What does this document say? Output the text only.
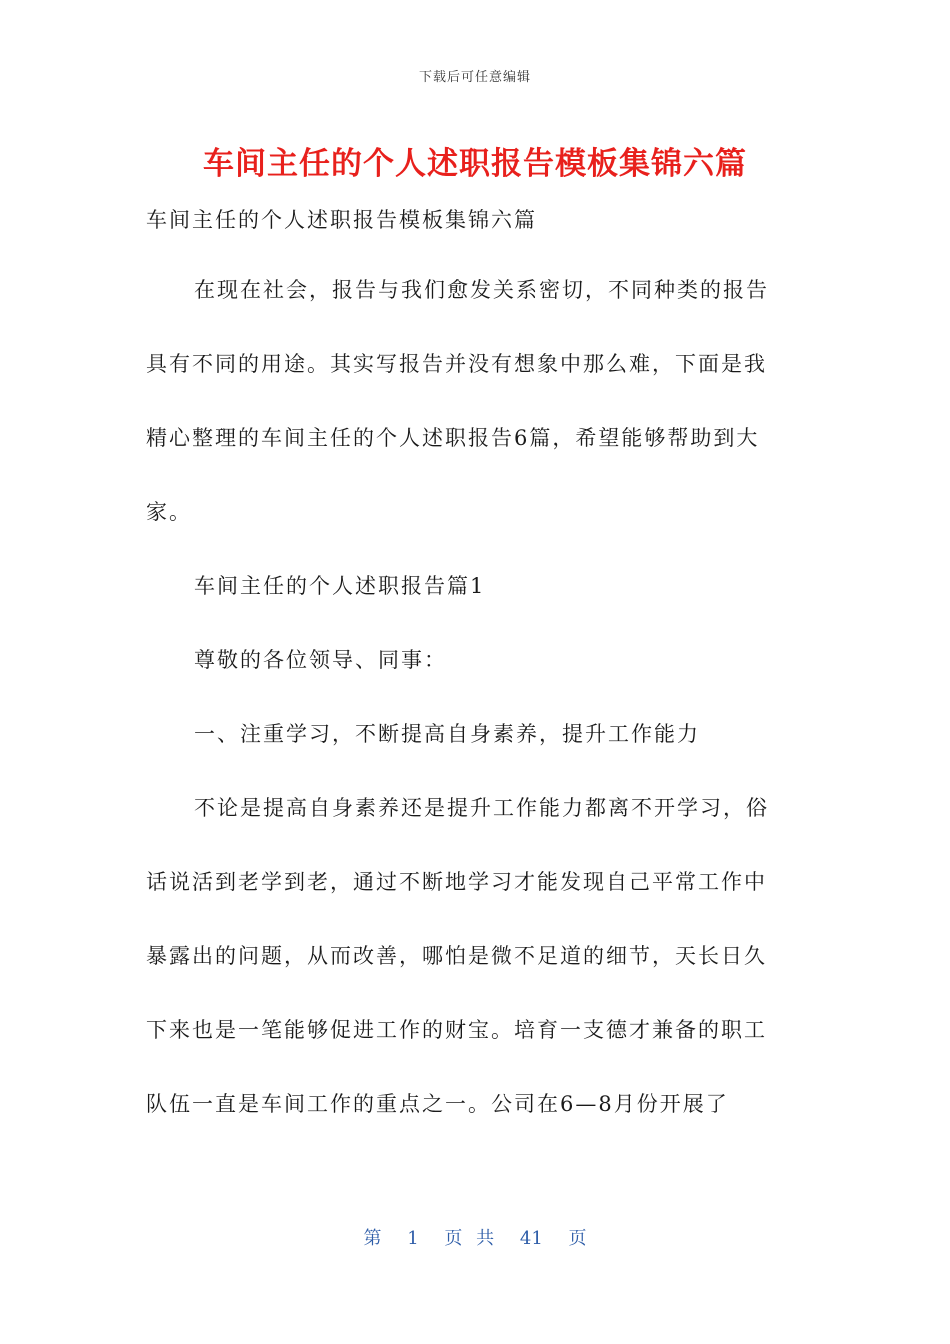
下载后可任意编辑
车间主任的个人述职报告模板集锦六篇
车间主任的个人述职报告模板集锦六篇
在现在社会，报告与我们愈发关系密切，不同种类的报告
具有不同的用途。其实写报告并没有想象中那么难，下面是我
精心整理的车间主任的个人述职报告6篇，希望能够帮助到大
家。
车间主任的个人述职报告篇1
尊敬的各位领导、同事：
一、注重学习，不断提高自身素养，提升工作能力
不论是提高自身素养还是提升工作能力都离不开学习，俗
话说活到老学到老，通过不断地学习才能发现自己平常工作中
暴露出的问题，从而改善，哪怕是微不足道的细节，天长日久
下来也是一笔能够促进工作的财宝。培育一支德才兼备的职工
队伍一直是车间工作的重点之一。公司在6—8月份开展了
第 1 页 共 41 页
